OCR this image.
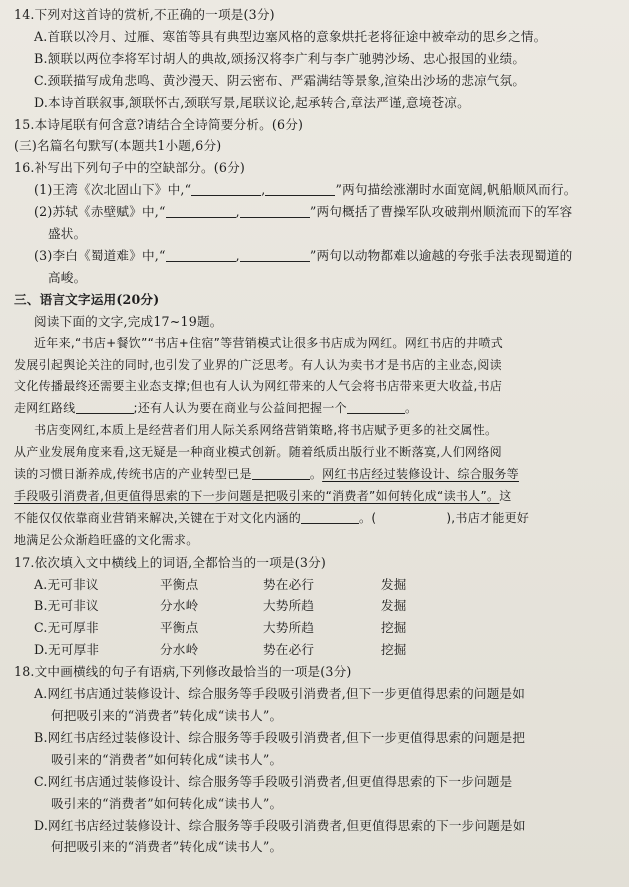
14.下列对这首诗的赏析,不正确的一项是(3分)
A.首联以冷月、过雁、寒笛等具有典型边塞风格的意象烘托老将征途中被牵动的思乡之情。
B.颔联以两位李将军讨胡人的典故,颂扬汉将李广利与李广驰骋沙场、忠心报国的业绩。
C.颈联描写成角悲鸣、黄沙漫天、阴云密布、严霜满结等景象,渲染出沙场的悲凉气氛。
D.本诗首联叙事,颔联怀古,颈联写景,尾联议论,起承转合,章法严谨,意境苍凉。
15.本诗尾联有何含意?请结合全诗简要分析。(6分)
(三)名篇名句默写(本题共1小题,6分)
16.补写出下列句子中的空缺部分。(6分)
(1)王湾《次北固山下》中,“	,	”两句描绘涨潮时水面宽阔,帆船顺风而行。
(2)苏轼《赤壁赋》中,“	,	”两句概括了曹操军队攻破荆州顺流而下的军容
盛状。
(3)李白《蜀道难》中,“	,	”两句以动物都难以逾越的夸张手法表现蜀道的
高峻。
三、语言文字运用(20分)
阅读下面的文字,完成17~19题。
近年来,“书店+餐饮”“书店+住宿”等营销模式让很多书店成为网红。网红书店的井喷式
发展引起舆论关注的同时,也引发了业界的广泛思考。有人认为卖书才是书店的主业态,阅读
文化传播最终还需要主业态支撑;但也有人认为网红带来的人气会将书店带来更大收益,书店
走网红路线	;还有人认为要在商业与公益间把握一个	。
书店变网红,本质上是经营者们用人际关系网络营销策略,将书店赋予更多的社交属性。
从产业发展角度来看,这无疑是一种商业模式创新。随着纸质出版行业不断落寞,人们网络阅
读的习惯日渐养成,传统书店的产业转型已是	。网红书店经过装修设计、综合服务等
手段吸引消费者,但更值得思索的下一步问题是把吸引来的“消费者”如何转化成“读书人”。这
不能仅仅依靠商业营销来解决,关键在于对文化内涵的	。(	),书店才能更好
地满足公众渐趋旺盛的文化需求。
17.依次填入文中横线上的词语,全都恰当的一项是(3分)
A.无可非议	平衡点	势在必行	发掘
B.无可非议	分水岭	大势所趋	发掘
C.无可厚非	平衡点	大势所趋	挖掘
D.无可厚非	分水岭	势在必行	挖掘
18.文中画横线的句子有语病,下列修改最恰当的一项是(3分)
A.网红书店通过装修设计、综合服务等手段吸引消费者,但下一步更值得思索的问题是如
何把吸引来的“消费者”转化成“读书人”。
B.网红书店经过装修设计、综合服务等手段吸引消费者,但下一步更值得思索的问题是把
吸引来的“消费者”如何转化成“读书人”。
C.网红书店通过装修设计、综合服务等手段吸引消费者,但更值得思索的下一步问题是
吸引来的“消费者”如何转化成“读书人”。
D.网红书店经过装修设计、综合服务等手段吸引消费者,但更值得思索的下一步问题是如
何把吸引来的“消费者”转化成“读书人”。
